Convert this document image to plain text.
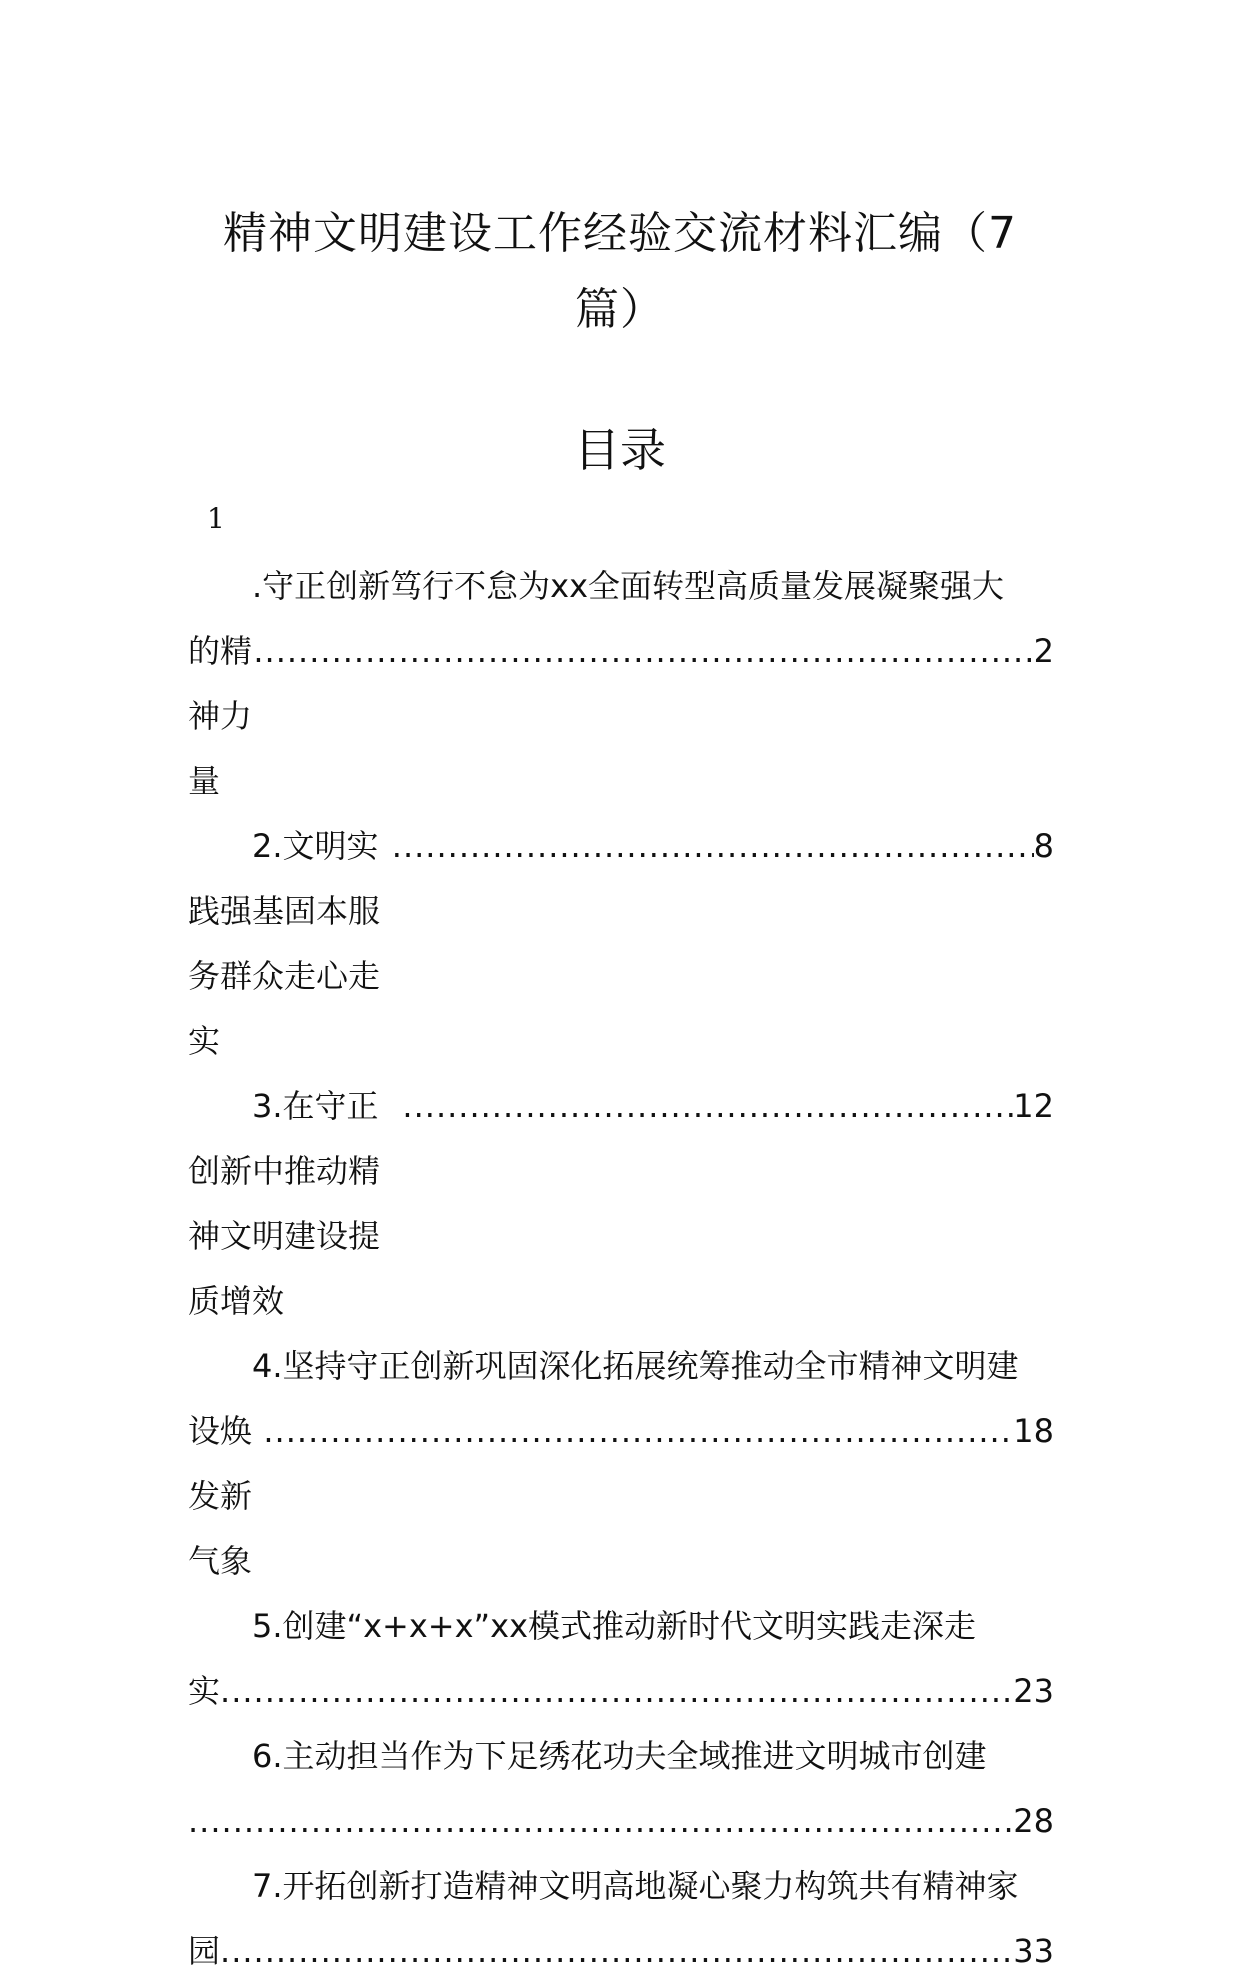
精神文明建设工作经验交流材料汇编（7
篇）
目录
1
.守正创新笃行不怠为xx全面转型高质量发展凝聚强大
的精神力量
.....
2
2.文明实践强基固本服务群众走心走实
.....
8
3.在守正创新中推动精神文明建设提质增效
.....
12
4.坚持守正创新巩固深化拓展统筹推动全市精神文明建
设焕发新气象
.....
18
5.创建“x+x+x”xx模式推动新时代文明实践走深走
实 .....	23
6.主动担当作为下足绣花功夫全域推进文明城市创建
.....
28
7.开拓创新打造精神文明高地凝心聚力构筑共有精神家
园 .....	33
